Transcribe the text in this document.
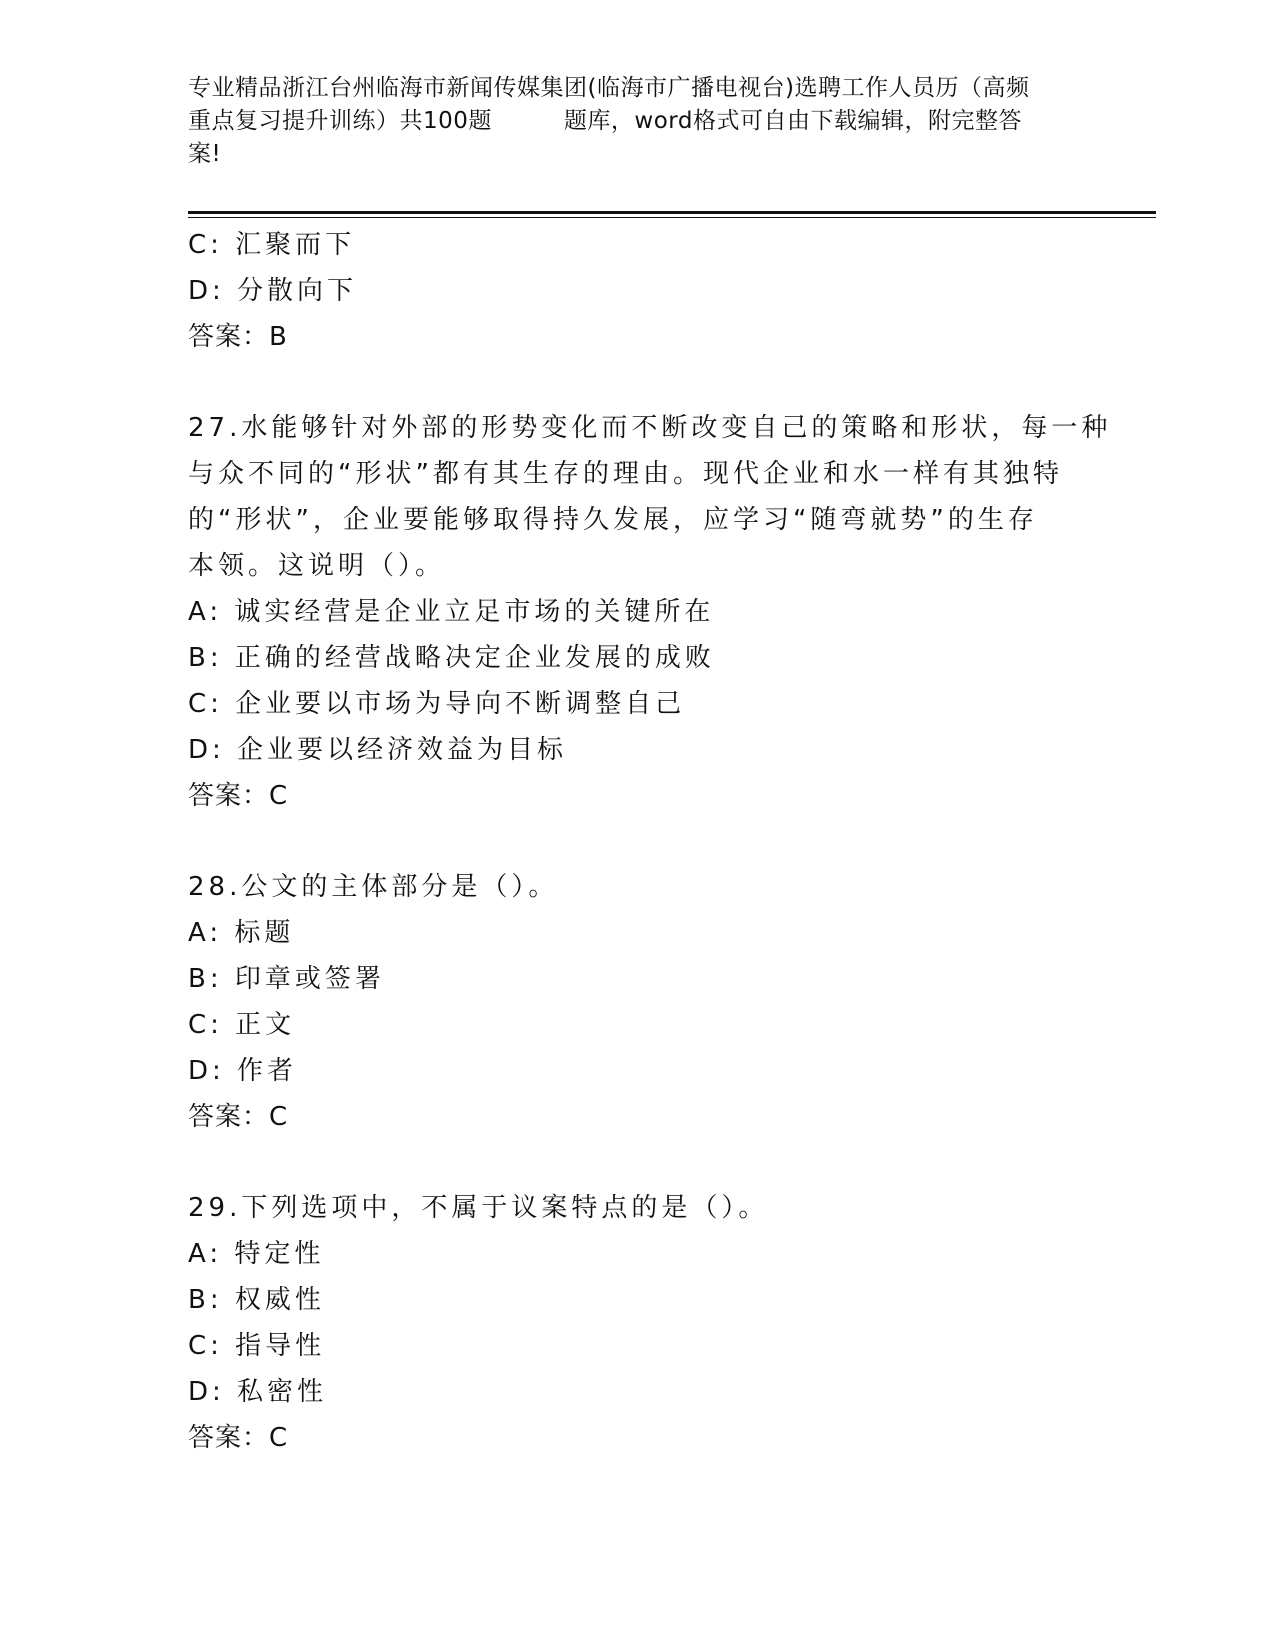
专业精品浙江台州临海市新闻传媒集团(临海市广播电视台)选聘工作人员历（高频
重点复习提升训练）共100题	题库，word格式可自由下载编辑，附完整答
案!
C: 汇聚而下
D: 分散向下
答案：B
27.水能够针对外部的形势变化而不断改变自己的策略和形状，每一种
与众不同的“形状”都有其生存的理由。现代企业和水一样有其独特
的“形状”，企业要能够取得持久发展，应学习“随弯就势”的生存
本领。这说明（）。
A: 诚实经营是企业立足市场的关键所在
B: 正确的经营战略决定企业发展的成败
C: 企业要以市场为导向不断调整自己
D: 企业要以经济效益为目标
答案：C
28.公文的主体部分是（）。
A: 标题
B: 印章或签署
C: 正文
D: 作者
答案：C
29.下列选项中，不属于议案特点的是（）。
A: 特定性
B: 权威性
C: 指导性
D: 私密性
答案：C
